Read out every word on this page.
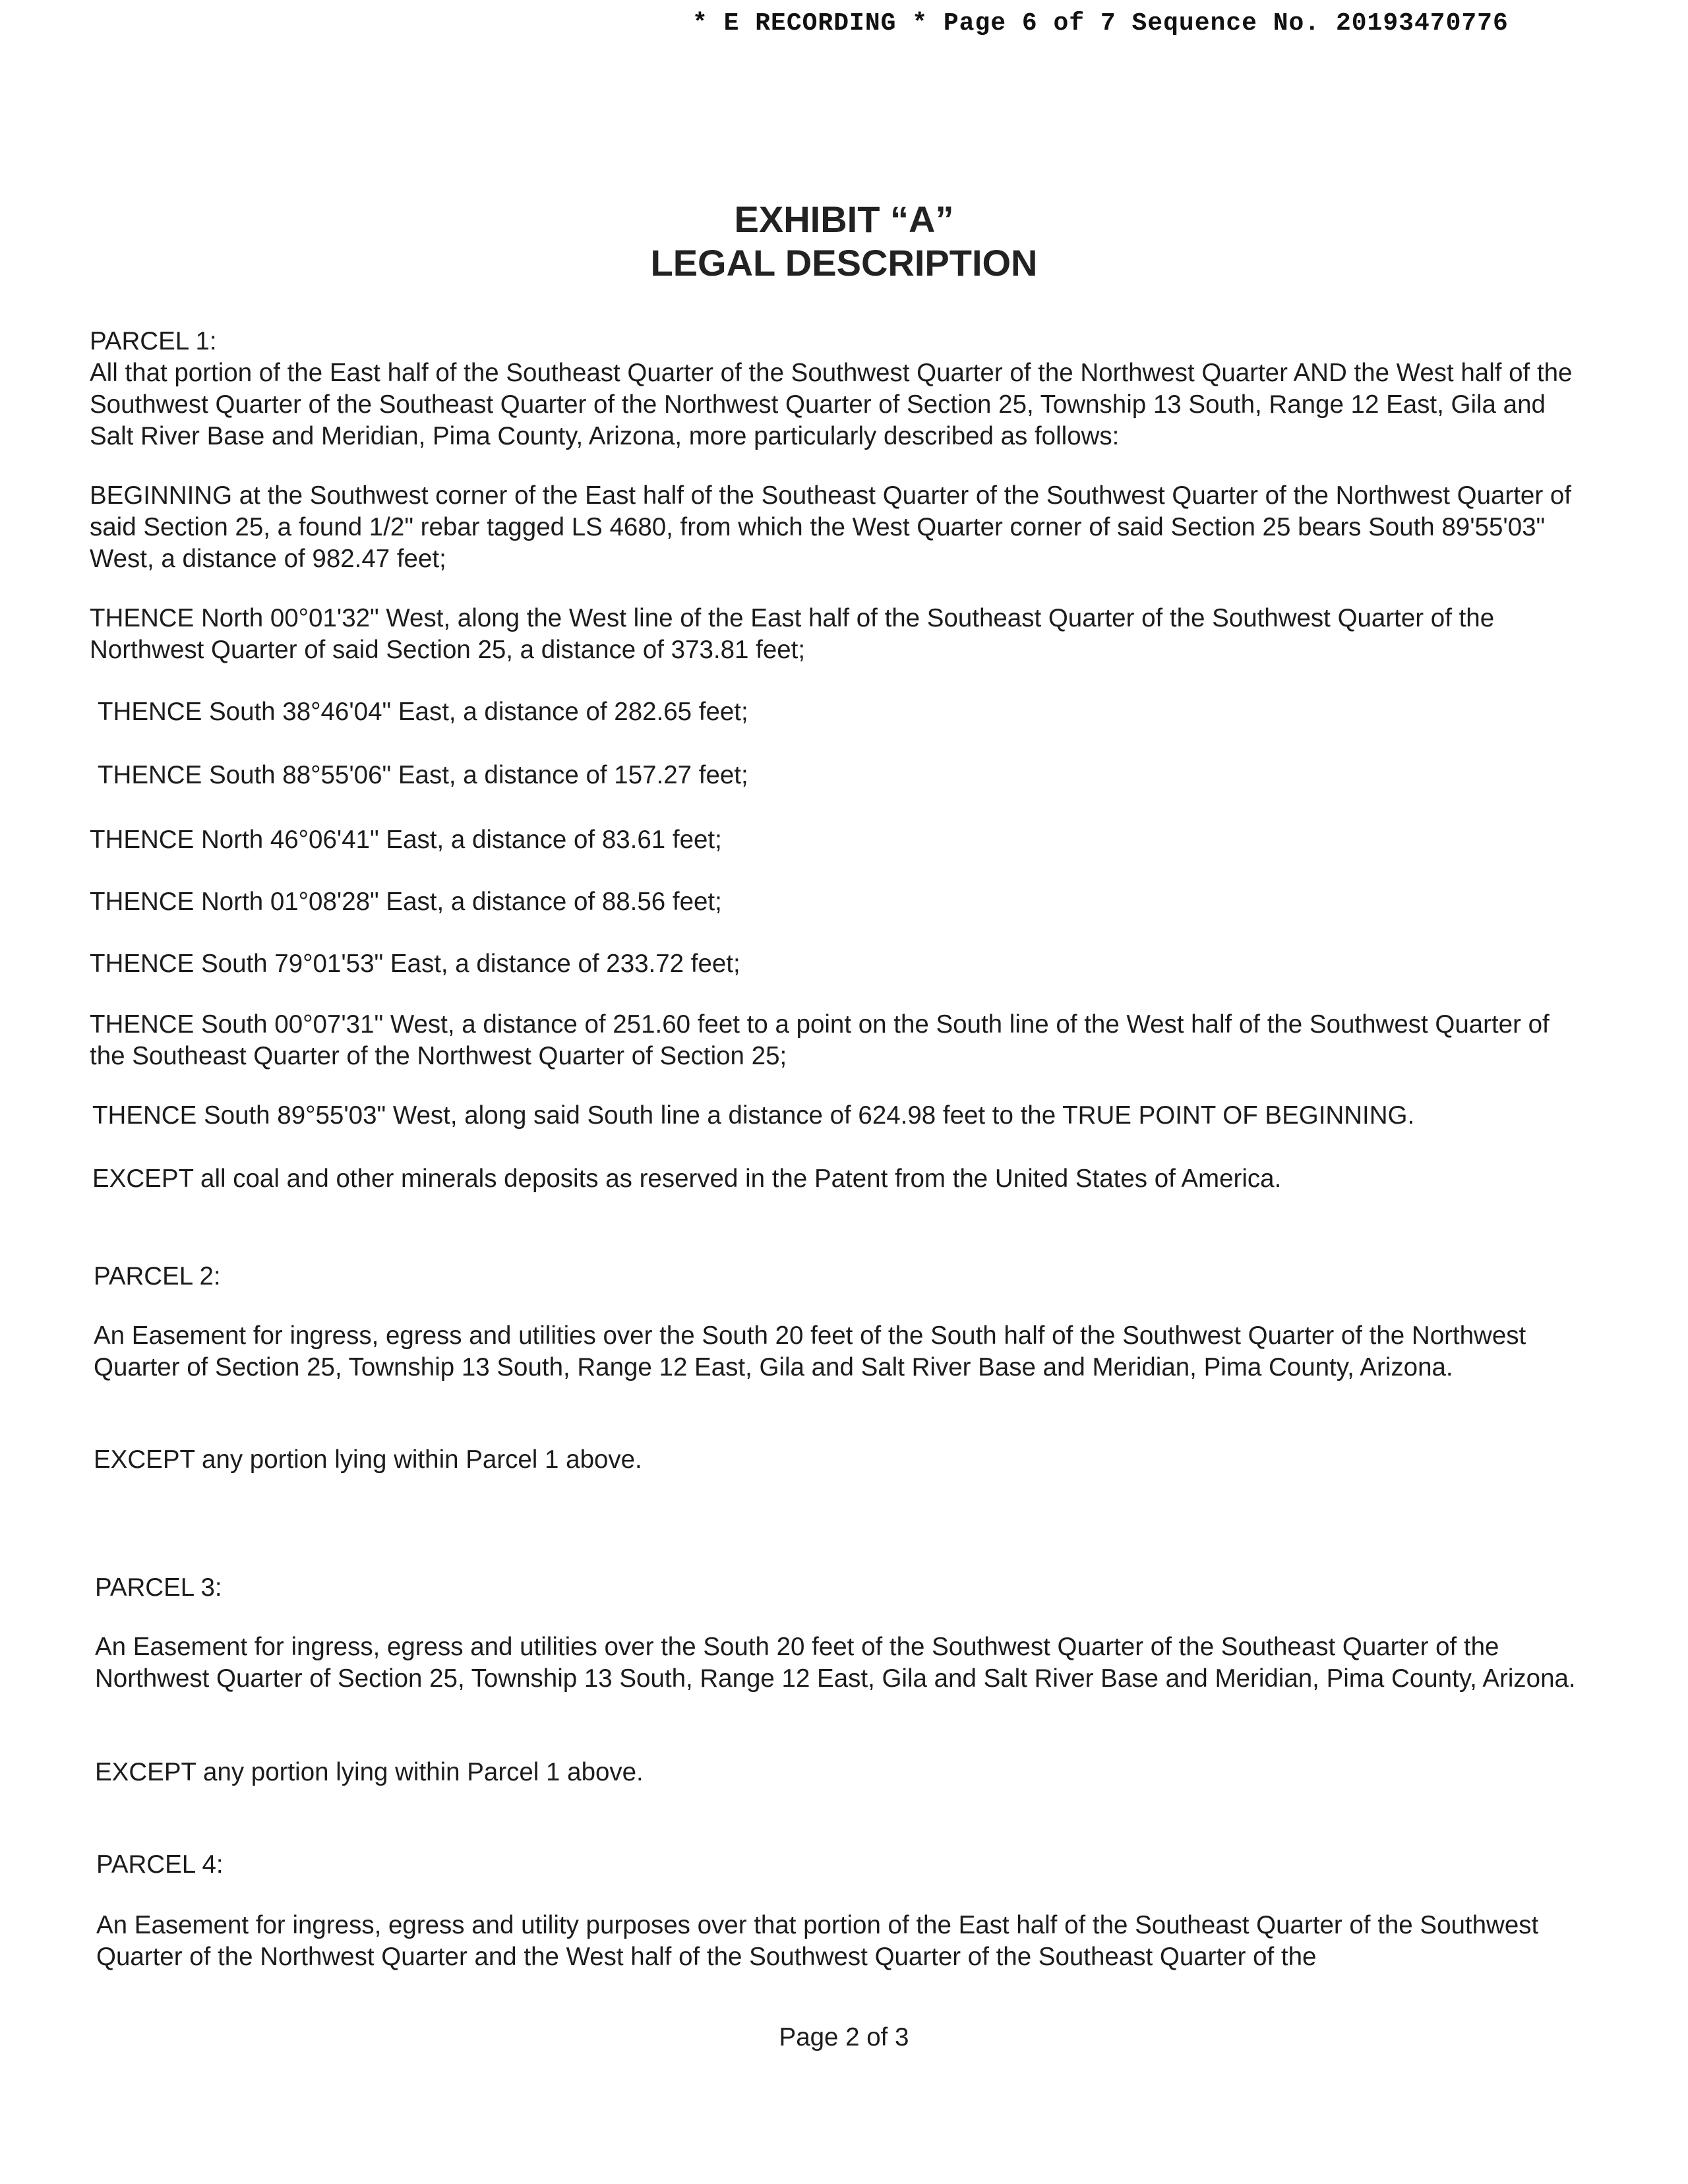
* E RECORDING * Page 6 of 7 Sequence No. 20193470776
EXHIBIT “A”
LEGAL DESCRIPTION
PARCEL 1:
All that portion of the East half of the Southeast Quarter of the Southwest Quarter of the Northwest Quarter AND the West half of the Southwest Quarter of the Southeast Quarter of the Northwest Quarter of Section 25, Township 13 South, Range 12 East, Gila and Salt River Base and Meridian, Pima County, Arizona, more particularly described as follows:
BEGINNING at the Southwest corner of the East half of the Southeast Quarter of the Southwest Quarter of the Northwest Quarter of said Section 25, a found 1/2" rebar tagged LS 4680, from which the West Quarter corner of said Section 25 bears South 89'55'03" West, a distance of 982.47 feet;
THENCE North 00°01'32" West, along the West line of the East half of the Southeast Quarter of the Southwest Quarter of the Northwest Quarter of said Section 25, a distance of 373.81 feet;
THENCE South 38°46'04" East, a distance of 282.65 feet;
THENCE South 88°55'06" East, a distance of 157.27 feet;
THENCE North 46°06'41" East, a distance of 83.61 feet;
THENCE North 01°08'28" East, a distance of 88.56 feet;
THENCE South 79°01'53" East, a distance of 233.72 feet;
THENCE South 00°07'31" West, a distance of 251.60 feet to a point on the South line of the West half of the Southwest Quarter of the Southeast Quarter of the Northwest Quarter of Section 25;
THENCE South 89°55'03" West, along said South line a distance of 624.98 feet to the TRUE POINT OF BEGINNING.
EXCEPT all coal and other minerals deposits as reserved in the Patent from the United States of America.
PARCEL 2:
An Easement for ingress, egress and utilities over the South 20 feet of the South half of the Southwest Quarter of the Northwest Quarter of Section 25, Township 13 South, Range 12 East, Gila and Salt River Base and Meridian, Pima County, Arizona.
EXCEPT any portion lying within Parcel 1 above.
PARCEL 3:
An Easement for ingress, egress and utilities over the South 20 feet of the Southwest Quarter of the Southeast Quarter of the Northwest Quarter of Section 25, Township 13 South, Range 12 East, Gila and Salt River Base and Meridian, Pima County, Arizona.
EXCEPT any portion lying within Parcel 1 above.
PARCEL 4:
An Easement for ingress, egress and utility purposes over that portion of the East half of the Southeast Quarter of the Southwest Quarter of the Northwest Quarter and the West half of the Southwest Quarter of the Southeast Quarter of the
Page 2 of 3
